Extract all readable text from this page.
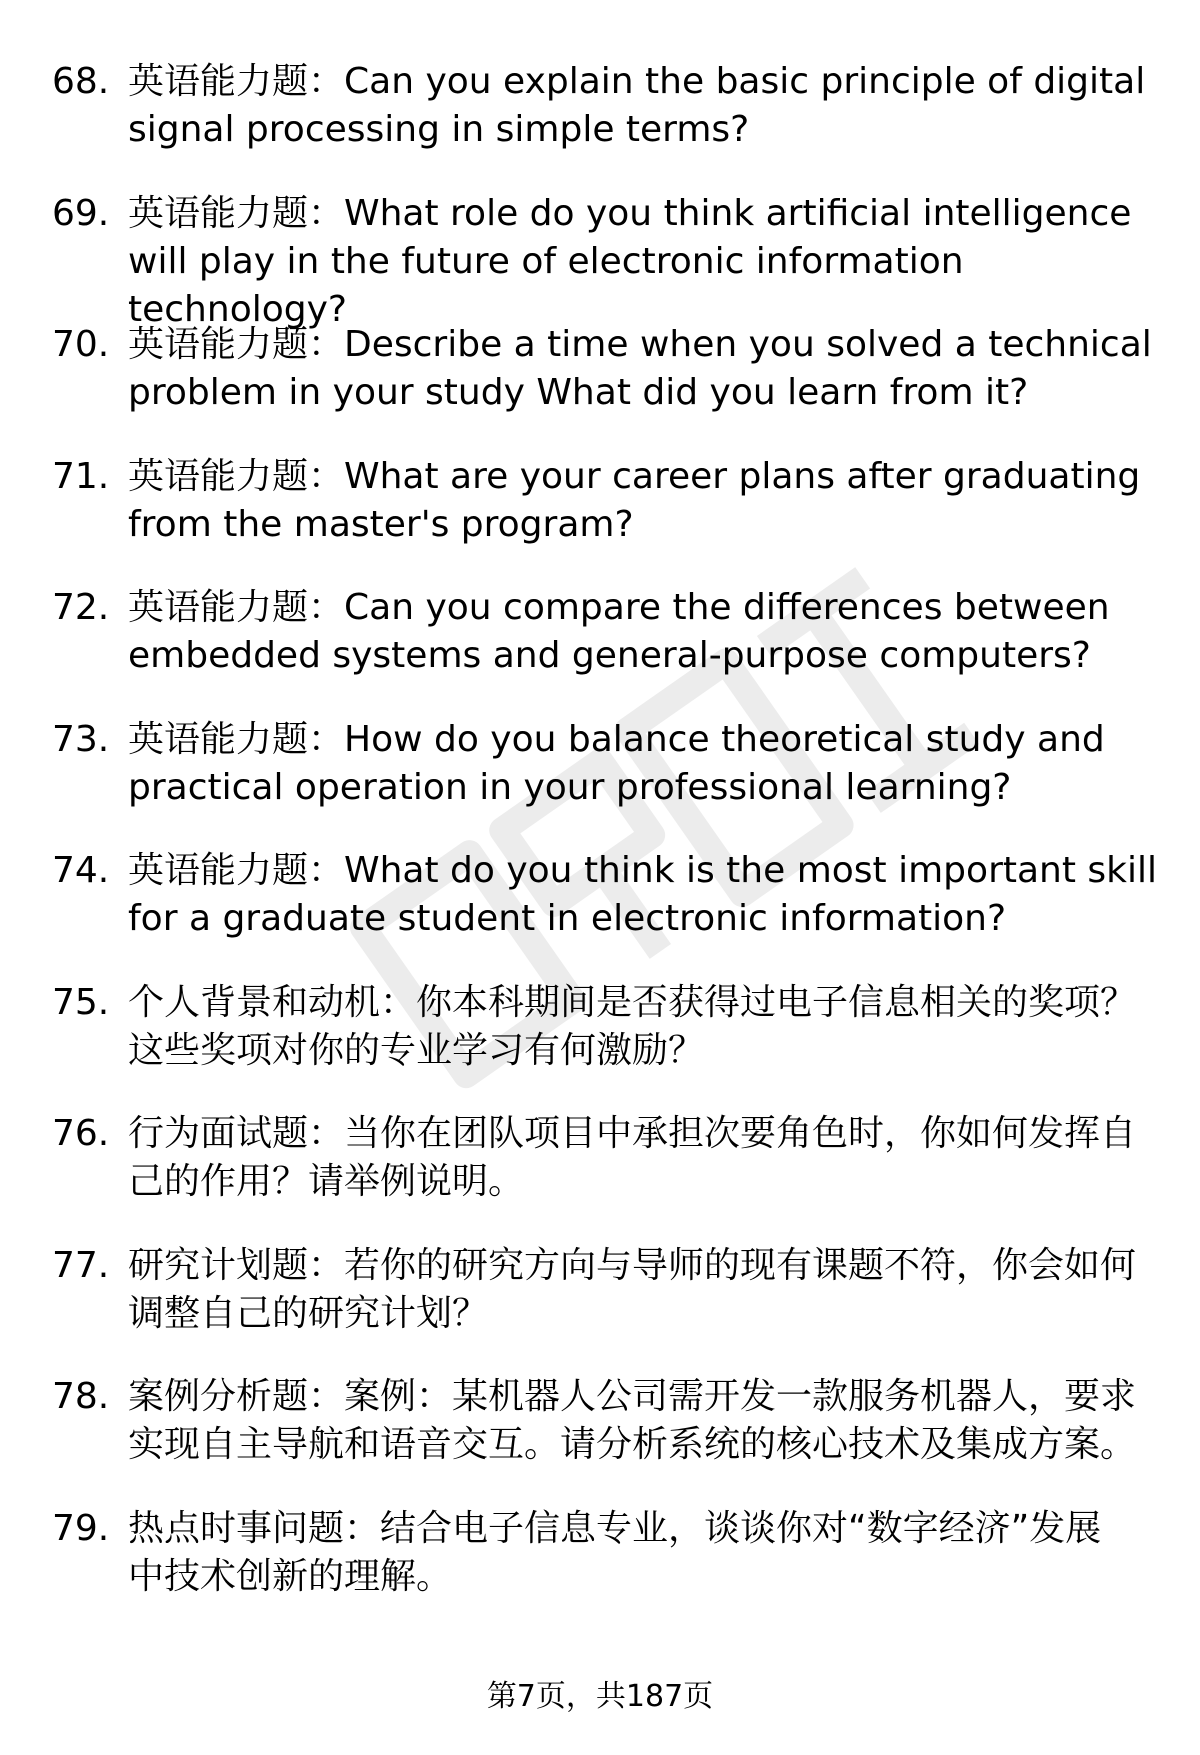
68. 英语能力题：Can you explain the basic principle of digital
signal processing in simple terms?
69. 英语能力题：What role do you think artificial intelligence
will play in the future of electronic information technology?
70. 英语能力题：Describe a time when you solved a technical
problem in your study What did you learn from it?
71. 英语能力题：What are your career plans after graduating
from the master's program?
72. 英语能力题：Can you compare the differences between
embedded systems and general-purpose computers?
73. 英语能力题：How do you balance theoretical study and
practical operation in your professional learning?
74. 英语能力题：What do you think is the most important skill
for a graduate student in electronic information?
75. 个人背景和动机：你本科期间是否获得过电子信息相关的奖项？
这些奖项对你的专业学习有何激励？
76. 行为面试题：当你在团队项目中承担次要角色时，你如何发挥自
己的作用？请举例说明。
77. 研究计划题：若你的研究方向与导师的现有课题不符，你会如何
调整自己的研究计划？
78. 案例分析题：案例：某机器人公司需开发一款服务机器人，要求
实现自主导航和语音交互。请分析系统的核心技术及集成方案。
79. 热点时事问题：结合电子信息专业，谈谈你对“数字经济”发展
中技术创新的理解。
第7页，共187页
